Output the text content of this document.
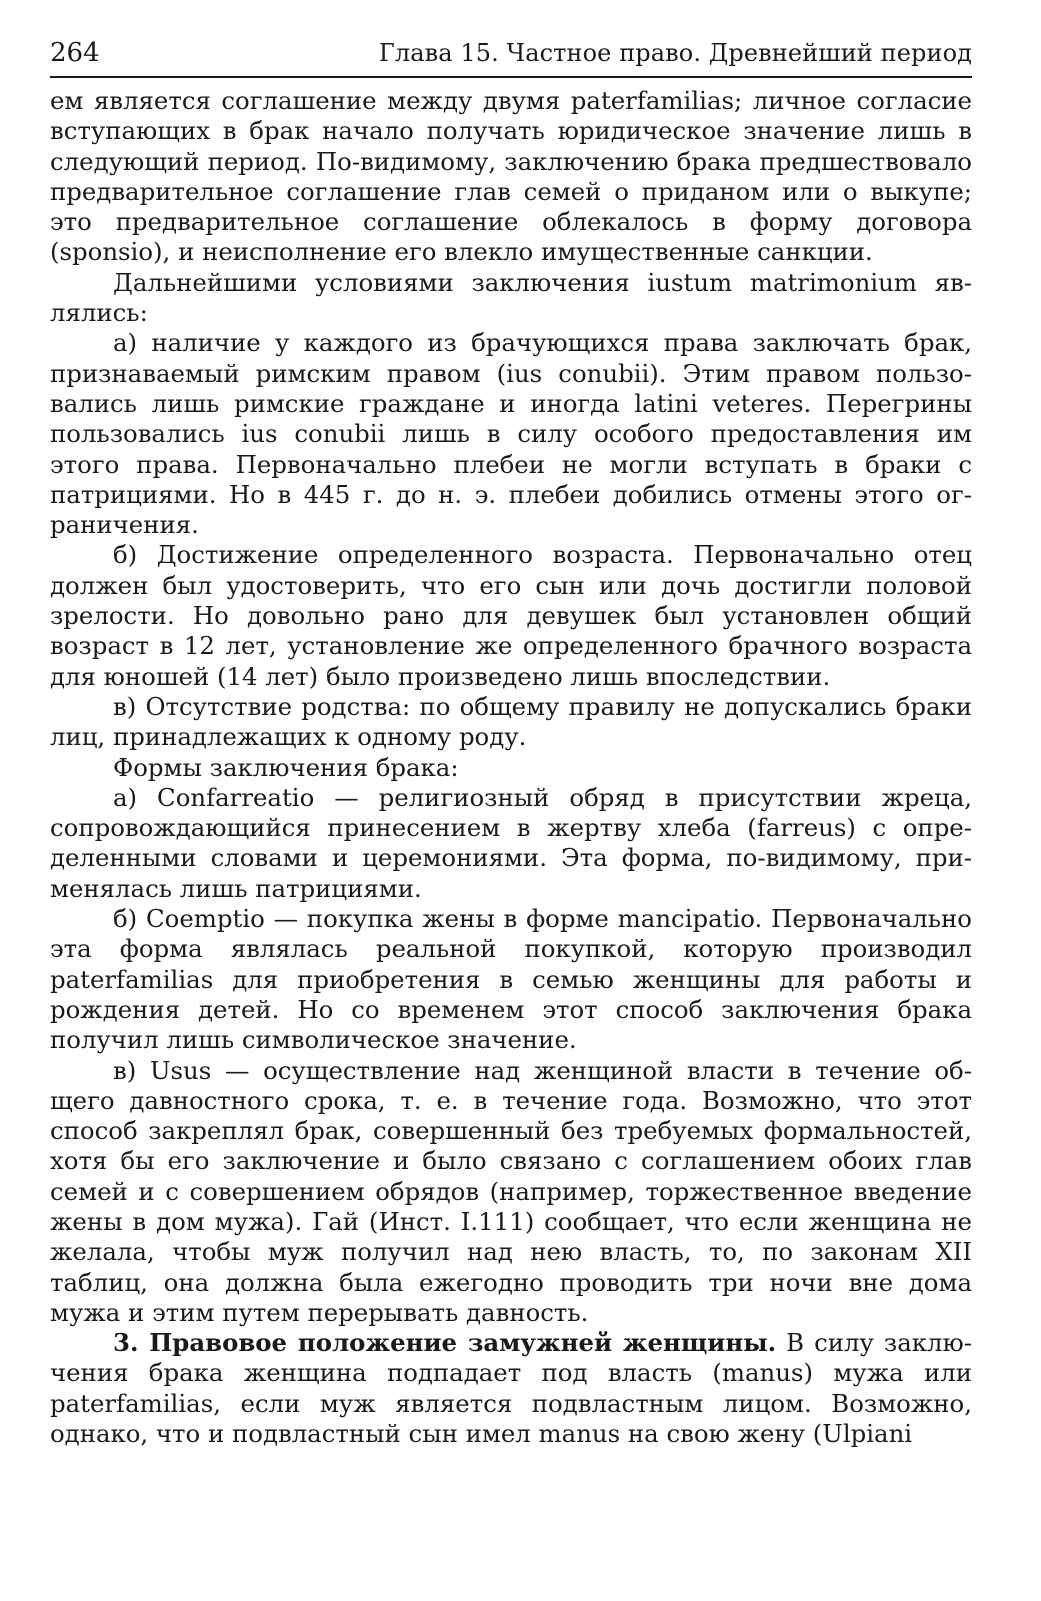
264	Глава 15. Частное право. Древнейший период

ем является соглашение между двумя paterfamilias; личное согласие вступающих в брак начало получать юридическое значение лишь в следующий период. По-видимому, заключению брака предшествовало предварительное соглашение глав семей о приданом или о выкупе; это предварительное соглашение облекалось в форму договора (sponsio), и неисполнение его влекло имущественные санкции.

Дальнейшими условиями заключения iustum matrimonium являлись:

а) наличие у каждого из брачующихся права заключать брак, признаваемый римским правом (ius conubii). Этим правом пользовались лишь римские граждане и иногда latini veteres. Перегрины пользовались ius conubii лишь в силу особого предоставления им этого права. Первоначально плебеи не могли вступать в браки с патрициями. Но в 445 г. до н. э. плебеи добились отмены этого ограничения.

б) Достижение определенного возраста. Первоначально отец должен был удостоверить, что его сын или дочь достигли половой зрелости. Но довольно рано для девушек был установлен общий возраст в 12 лет, установление же определенного брачного возраста для юношей (14 лет) было произведено лишь впоследствии.

в) Отсутствие родства: по общему правилу не допускались браки лиц, принадлежащих к одному роду.

Формы заключения брака:

а) Confarreatio — религиозный обряд в присутствии жреца, сопровождающийся принесением в жертву хлеба (farreus) с определенными словами и церемониями. Эта форма, по-видимому, применялась лишь патрициями.

б) Coemptio — покупка жены в форме mancipatio. Первоначально эта форма являлась реальной покупкой, которую производил paterfamilias для приобретения в семью женщины для работы и рождения детей. Но со временем этот способ заключения брака получил лишь символическое значение.

в) Usus — осуществление над женщиной власти в течение общего давностного срока, т. е. в течение года. Возможно, что этот способ закреплял брак, совершенный без требуемых формальностей, хотя бы его заключение и было связано с соглашением обоих глав семей и с совершением обрядов (например, торжественное введение жены в дом мужа). Гай (Инст. I.111) сообщает, что если женщина не желала, чтобы муж получил над нею власть, то, по законам XII таблиц, она должна была ежегодно проводить три ночи вне дома мужа и этим путем перерывать давность.

3. Правовое положение замужней женщины. В силу заключения брака женщина подпадает под власть (manus) мужа или paterfamilias, если муж является подвластным лицом. Возможно, однако, что и подвластный сын имел manus на свою жену (Ulpiani
